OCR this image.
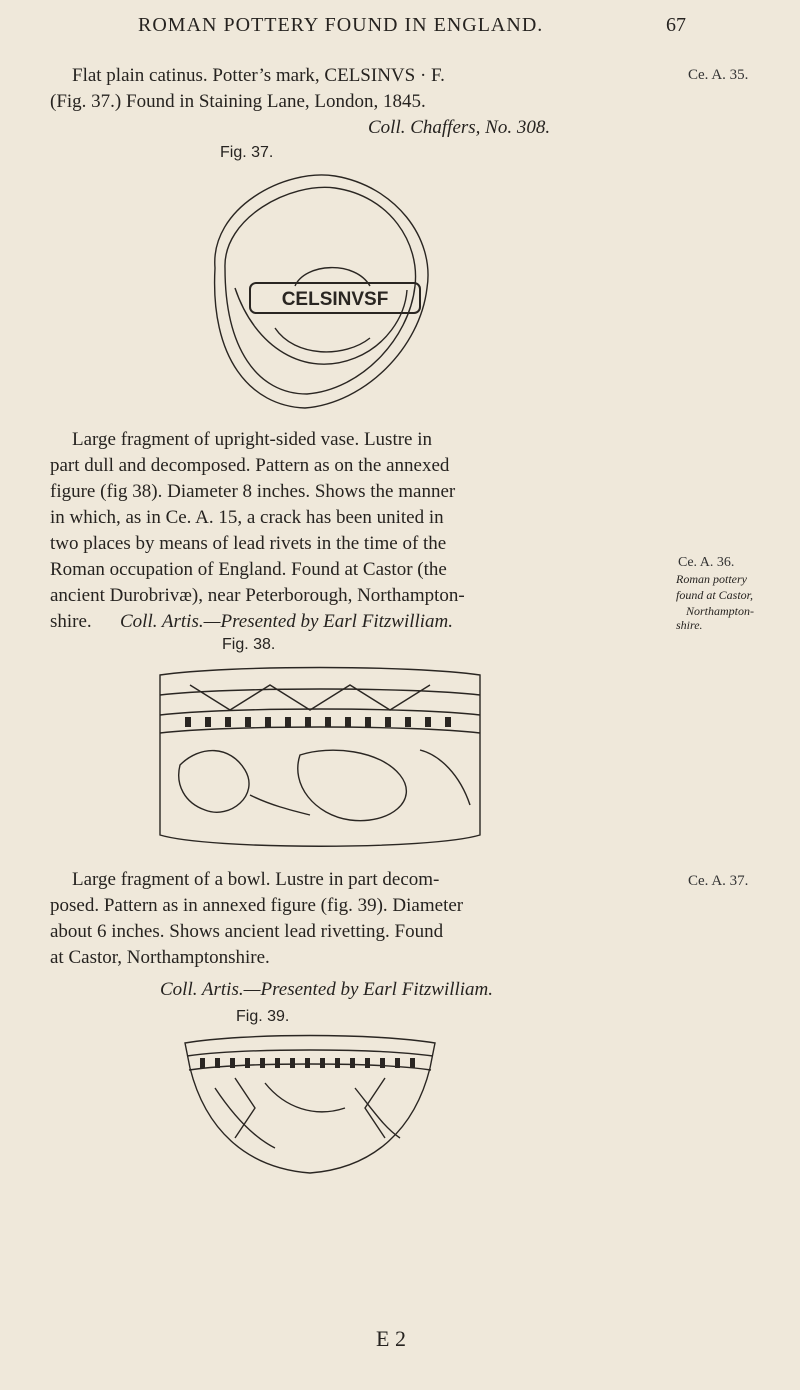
ROMAN POTTERY FOUND IN ENGLAND.	67
Flat plain catinus. Potter’s mark, CELSINVS · F.
(Fig. 37.) Found in Staining Lane, London, 1845.
Coll. Chaffers, No. 308.
Ce. A. 35.
Fig. 37.
CELSINVSF
Large fragment of upright-sided vase. Lustre in
part dull and decomposed. Pattern as on the annexed
figure (fig 38). Diameter 8 inches. Shows the manner
in which, as in Ce. A. 15, a crack has been united in
two places by means of lead rivets in the time of the
Roman occupation of England. Found at Castor (the
ancient Durobrivæ), near Peterborough, Northampton-
shire. Coll. Artis.—Presented by Earl Fitzwilliam.
Ce. A. 36.
Roman pottery
found at Castor,
Northampton-
shire.
Fig. 38.
Large fragment of a bowl. Lustre in part decom-
posed. Pattern as in annexed figure (fig. 39). Diameter
about 6 inches. Shows ancient lead rivetting. Found
at Castor, Northamptonshire.
Ce. A. 37.
Coll. Artis.—Presented by Earl Fitzwilliam.
Fig. 39.
E 2
